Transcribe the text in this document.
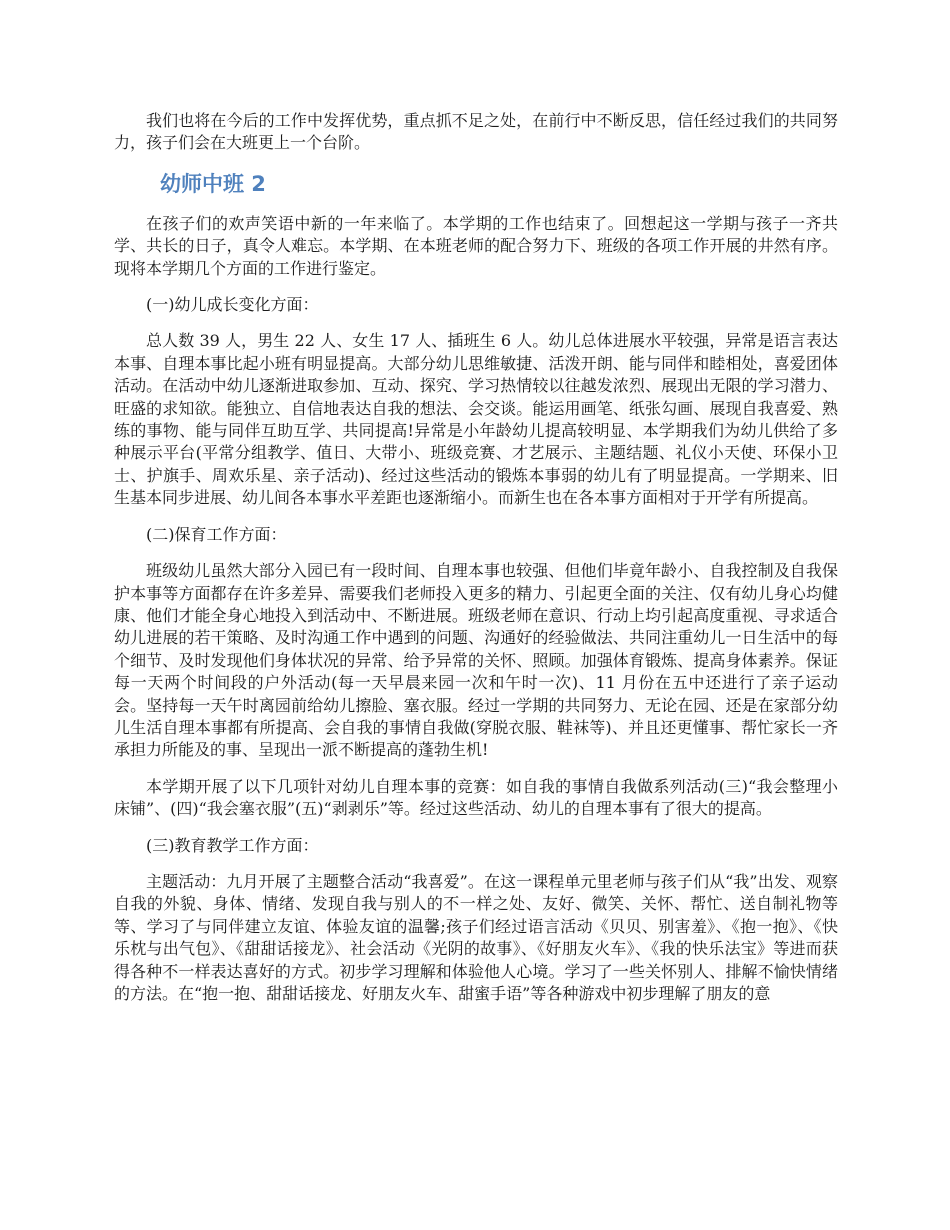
我们也将在今后的工作中发挥优势，重点抓不足之处，在前行中不断反思，信任经过我们的共同努力，孩子们会在大班更上一个台阶。

幼师中班 2

在孩子们的欢声笑语中新的一年来临了。本学期的工作也结束了。回想起这一学期与孩子一齐共学、共长的日子，真令人难忘。本学期、在本班老师的配合努力下、班级的各项工作开展的井然有序。现将本学期几个方面的工作进行鉴定。

(一)幼儿成长变化方面：

总人数 39 人，男生 22 人、女生 17 人、插班生 6 人。幼儿总体进展水平较强，异常是语言表达本事、自理本事比起小班有明显提高。大部分幼儿思维敏捷、活泼开朗、能与同伴和睦相处，喜爱团体活动。在活动中幼儿逐渐进取参加、互动、探究、学习热情较以往越发浓烈、展现出无限的学习潜力、旺盛的求知欲。能独立、自信地表达自我的想法、会交谈。能运用画笔、纸张勾画、展现自我喜爱、熟练的事物、能与同伴互助互学、共同提高!异常是小年龄幼儿提高较明显、本学期我们为幼儿供给了多种展示平台(平常分组教学、值日、大带小、班级竞赛、才艺展示、主题结题、礼仪小天使、环保小卫士、护旗手、周欢乐星、亲子活动)、经过这些活动的锻炼本事弱的幼儿有了明显提高。一学期来、旧生基本同步进展、幼儿间各本事水平差距也逐渐缩小。而新生也在各本事方面相对于开学有所提高。

(二)保育工作方面：

班级幼儿虽然大部分入园已有一段时间、自理本事也较强、但他们毕竟年龄小、自我控制及自我保护本事等方面都存在许多差异、需要我们老师投入更多的精力、引起更全面的关注、仅有幼儿身心均健康、他们才能全身心地投入到活动中、不断进展。班级老师在意识、行动上均引起高度重视、寻求适合幼儿进展的若干策略、及时沟通工作中遇到的问题、沟通好的经验做法、共同注重幼儿一日生活中的每个细节、及时发现他们身体状况的异常、给予异常的关怀、照顾。加强体育锻炼、提高身体素养。保证每一天两个时间段的户外活动(每一天早晨来园一次和午时一次)、11 月份在五中还进行了亲子运动会。坚持每一天午时离园前给幼儿擦脸、塞衣服。经过一学期的共同努力、无论在园、还是在家部分幼儿生活自理本事都有所提高、会自我的事情自我做(穿脱衣服、鞋袜等)、并且还更懂事、帮忙家长一齐承担力所能及的事、呈现出一派不断提高的蓬勃生机!

本学期开展了以下几项针对幼儿自理本事的竞赛：如自我的事情自我做系列活动(三)“我会整理小床铺”、(四)“我会塞衣服”(五)“剥剥乐”等。经过这些活动、幼儿的自理本事有了很大的提高。

(三)教育教学工作方面：

主题活动：九月开展了主题整合活动“我喜爱”。在这一课程单元里老师与孩子们从“我”出发、观察自我的外貌、身体、情绪、发现自我与别人的不一样之处、友好、微笑、关怀、帮忙、送自制礼物等等、学习了与同伴建立友谊、体验友谊的温馨;孩子们经过语言活动《贝贝、别害羞》、《抱一抱》、《快乐枕与出气包》、《甜甜话接龙》、社会活动《光阴的故事》、《好朋友火车》、《我的快乐法宝》等进而获得各种不一样表达喜好的方式。初步学习理解和体验他人心境。学习了一些关怀别人、排解不愉快情绪的方法。在“抱一抱、甜甜话接龙、好朋友火车、甜蜜手语”等各种游戏中初步理解了朋友的意
